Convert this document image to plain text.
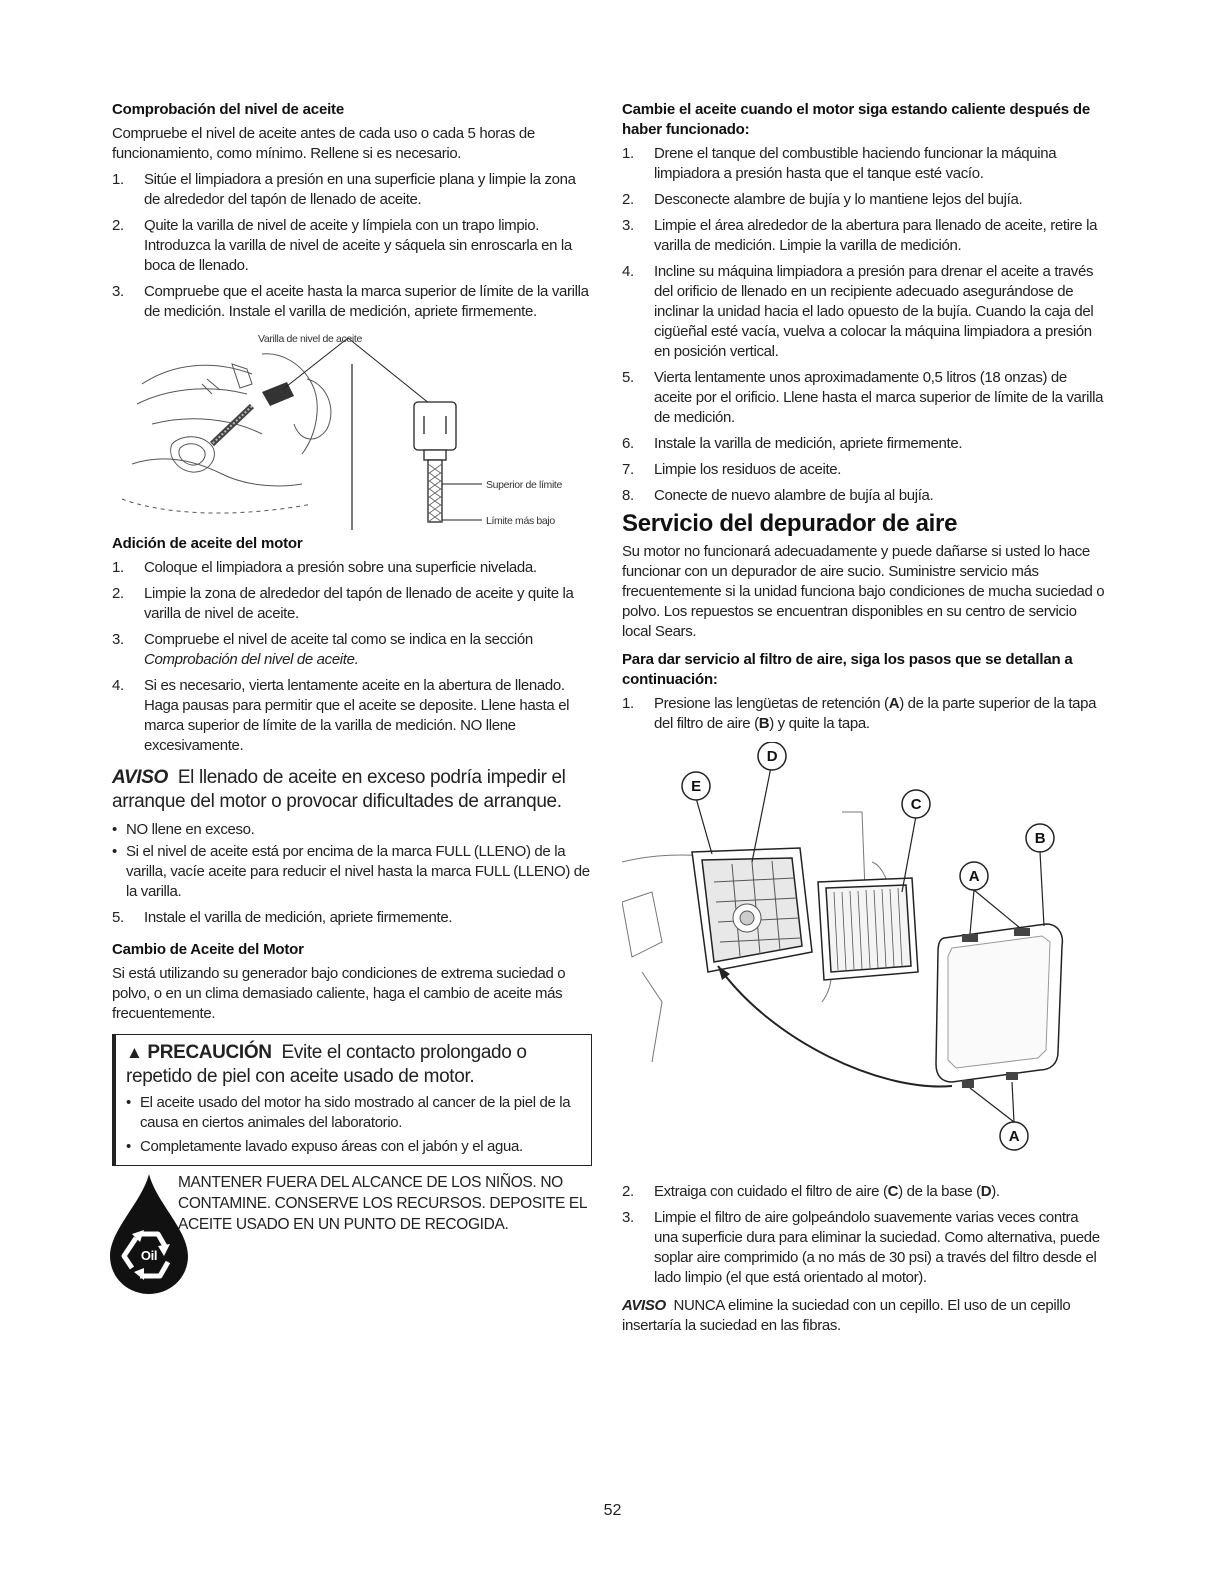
Comprobación del nivel de aceite

Compruebe el nivel de aceite antes de cada uso o cada 5 horas de funcionamiento, como mínimo. Rellene si es necesario.

1. Sitúe el limpiadora a presión en una superficie plana y limpie la zona de alrededor del tapón de llenado de aceite.
2. Quite la varilla de nivel de aceite y límpiela con un trapo limpio. Introduzca la varilla de nivel de aceite y sáquela sin enroscarla en la boca de llenado.
3. Compruebe que el aceite hasta la marca superior de límite de la varilla de medición. Instale el varilla de medición, apriete firmemente.
Varilla de nivel de aceite
Superior de límite
Límite más bajo
Adición de aceite del motor
1. Coloque el limpiadora a presión sobre una superficie nivelada.
2. Limpie la zona de alrededor del tapón de llenado de aceite y quite la varilla de nivel de aceite.
3. Compruebe el nivel de aceite tal como se indica en la sección
Comprobación del nivel de aceite.
4. Si es necesario, vierta lentamente aceite en la abertura de llenado. Haga pausas para permitir que el aceite se deposite. Llene hasta el marca superior de límite de la varilla de medición. NO llene excesivamente.
AVISO El llenado de aceite en exceso podría impedir el arranque del motor o provocar dificultades de arranque.
• NO llene en exceso.
• Si el nivel de aceite está por encima de la marca FULL (LLENO) de la varilla, vacíe aceite para reducir el nivel hasta la marca FULL (LLENO) de la varilla.
5. Instale el varilla de medición, apriete firmemente.
Cambio de Aceite del Motor

Si está utilizando su generador bajo condiciones de extrema suciedad o polvo, o en un clima demasiado caliente, haga el cambio de aceite más frecuentemente.

▲ PRECAUCIÓN Evite el contacto prolongado o repetido de piel con aceite usado de motor.
• El aceite usado del motor ha sido mostrado al cancer de la piel de la causa en ciertos animales del laboratorio.
• Completamente lavado expuso áreas con el jabón y el agua.
Oil
MANTENER FUERA DEL ALCANCE DE LOS NIÑOS. NO CONTAMINE. CONSERVE LOS RECURSOS. DEPOSITE EL ACEITE USADO EN UN PUNTO DE RECOGIDA.
Cambie el aceite cuando el motor siga estando caliente después de haber funcionado:
1. Drene el tanque del combustible haciendo funcionar la máquina limpiadora a presión hasta que el tanque esté vacío.
2. Desconecte alambre de bujía y lo mantiene lejos del bujía.
3. Limpie el área alrededor de la abertura para llenado de aceite, retire la varilla de medición. Limpie la varilla de medición.
4. Incline su máquina limpiadora a presión para drenar el aceite a través del orificio de llenado en un recipiente adecuado asegurándose de inclinar la unidad hacia el lado opuesto de la bujía. Cuando la caja del cigüeñal esté vacía, vuelva a colocar la máquina limpiadora a presión en posición vertical.
5. Vierta lentamente unos aproximadamente 0,5 litros (18 onzas) de aceite por el orificio. Llene hasta el marca superior de límite de la varilla de medición.
6. Instale la varilla de medición, apriete firmemente.
7. Limpie los residuos de aceite.
8. Conecte de nuevo alambre de bujía al bujía.
Servicio del depurador de aire

Su motor no funcionará adecuadamente y puede dañarse si usted lo hace funcionar con un depurador de aire sucio. Suministre servicio más frecuentemente si la unidad funciona bajo condiciones de mucha suciedad o polvo. Los repuestos se encuentran disponibles en su centro de servicio local Sears.

Para dar servicio al filtro de aire, siga los pasos que se detallan a continuación:
1. Presione las lengüetas de retención (A) de la parte superior de la tapa del filtro de aire (B) y quite la tapa.
D
E
C
B
A
A
2. Extraiga con cuidado el filtro de aire (C) de la base (D).
3. Limpie el filtro de aire golpeándolo suavemente varias veces contra una superficie dura para eliminar la suciedad. Como alternativa, puede soplar aire comprimido (a no más de 30 psi) a través del filtro desde el lado limpio (el que está orientado al motor).

AVISO NUNCA elimine la suciedad con un cepillo. El uso de un cepillo insertaría la suciedad en las fibras.

52
